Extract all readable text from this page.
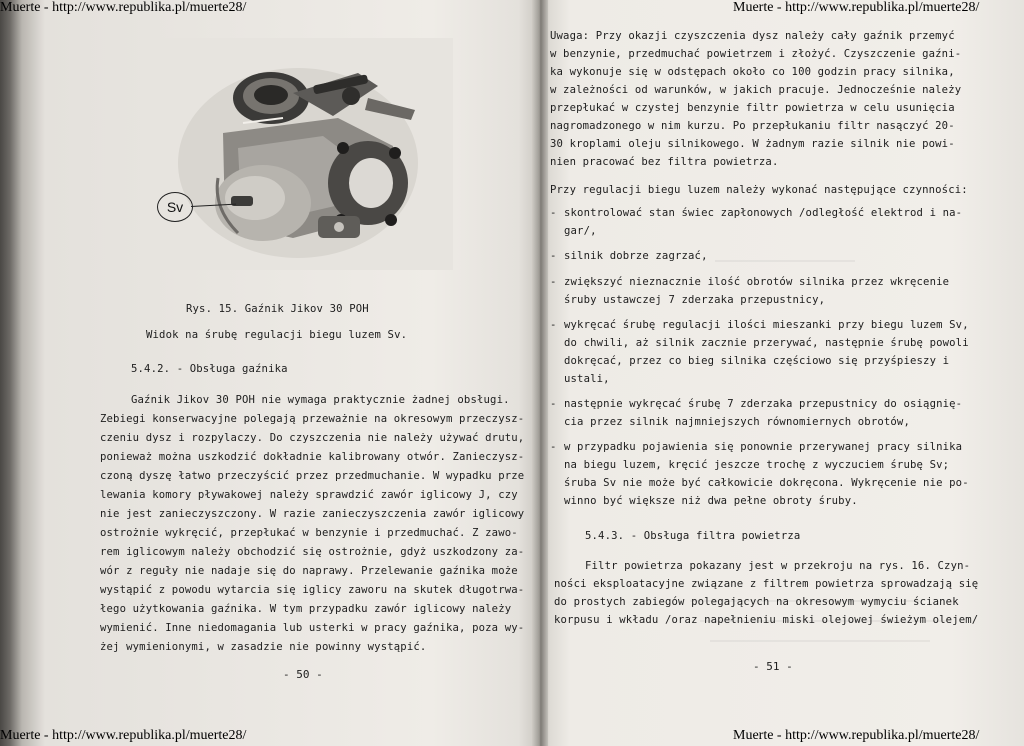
Sv
Rys. 15. Gaźnik Jikov 30 POH
Widok na śrubę regulacji biegu luzem Sv.
5.4.2. - Obsługa gaźnika
Gaźnik Jikov 30 POH nie wymaga praktycznie żadnej obsługi.
Zebiegi konserwacyjne polegają przeważnie na okresowym przeczysz-
czeniu dysz i rozpylaczy. Do czyszczenia nie należy używać drutu,
ponieważ można uszkodzić dokładnie kalibrowany otwór. Zanieczysz-
czoną dyszę łatwo przeczyścić przez przedmuchanie. W wypadku prze
lewania komory pływakowej należy sprawdzić zawór iglicowy J, czy
nie jest zanieczyszczony. W razie zanieczyszczenia zawór iglicowy
ostrożnie wykręcić, przepłukać w benzynie i przedmuchać. Z zawo-
rem iglicowym należy obchodzić się ostrożnie, gdyż uszkodzony za-
wór z reguły nie nadaje się do naprawy. Przelewanie gaźnika może
wystąpić z powodu wytarcia się iglicy zaworu na skutek długotrwa-
łego użytkowania gaźnika. W tym przypadku zawór iglicowy należy
wymienić. Inne niedomagania lub usterki w pracy gaźnika, poza wy-
żej wymienionymi, w zasadzie nie powinny wystąpić.
- 50 -
Uwaga: Przy okazji czyszczenia dysz należy cały gaźnik przemyć
w benzynie, przedmuchać powietrzem i złożyć. Czyszczenie gaźni-
ka wykonuje się w odstępach około co 100 godzin pracy silnika,
w zależności od warunków, w jakich pracuje. Jednocześnie należy
przepłukać w czystej benzynie filtr powietrza w celu usunięcia
nagromadzonego w nim kurzu. Po przepłukaniu filtr nasączyć 20-
30 kroplami oleju silnikowego. W żadnym razie silnik nie powi-
nien pracować bez filtra powietrza.
Przy regulacji biegu luzem należy wykonać następujące czynności:
- skontrolować stan świec zapłonowych /odległość elektrod i na-
gar/,
- silnik dobrze zagrzać,
- zwiększyć nieznacznie ilość obrotów silnika przez wkręcenie
śruby ustawczej 7 zderzaka przepustnicy,
- wykręcać śrubę regulacji ilości mieszanki przy biegu luzem Sv,
do chwili, aż silnik zacznie przerywać, następnie śrubę powoli
dokręcać, przez co bieg silnika częściowo się przyśpieszy i
ustali,
- następnie wykręcać śrubę 7 zderzaka przepustnicy do osiągnię-
cia przez silnik najmniejszych równomiernych obrotów,
- w przypadku pojawienia się ponownie przerywanej pracy silnika
na biegu luzem, kręcić jeszcze trochę z wyczuciem śrubę Sv;
śruba Sv nie może być całkowicie dokręcona. Wykręcenie nie po-
winno być większe niż dwa pełne obroty śruby.
5.4.3. - Obsługa filtra powietrza
Filtr powietrza pokazany jest w przekroju na rys. 16. Czyn-
ności eksploatacyjne związane z filtrem powietrza sprowadzają się
do prostych zabiegów polegających na okresowym wymyciu ścianek
korpusu i wkładu /oraz napełnieniu miski olejowej świeżym olejem/
- 51 -
Muerte - http://www.republika.pl/muerte28/	Muerte - http://www.republika.pl/muerte28/
Muerte - http://www.republika.pl/muerte28/	Muerte - http://www.republika.pl/muerte28/
